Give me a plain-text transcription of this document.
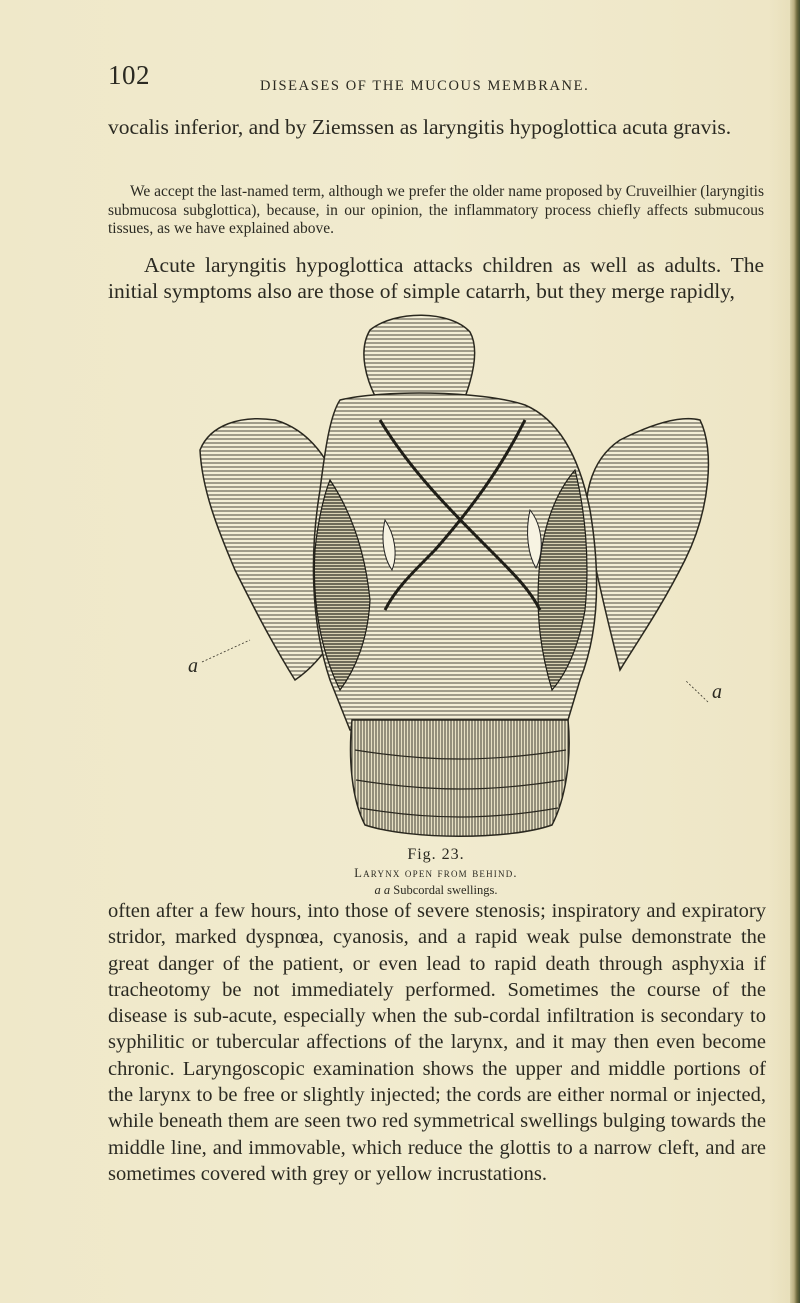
102	DISEASES OF THE MUCOUS MEMBRANE.

vocalis inferior, and by Ziemssen as laryngitis hypoglottica acuta gravis.

We accept the last-named term, although we prefer the older name proposed by Cruveilhier (laryngitis submucosa subglottica), because, in our opinion, the inflammatory process chiefly affects submucous tissues, as we have explained above.

Acute laryngitis hypoglottica attacks children as well as adults. The initial symptoms also are those of simple catarrh, but they merge rapidly,

a
a
Fig. 23.
Larynx open from behind.
a a Subcordal swellings.

often after a few hours, into those of severe stenosis; inspiratory and expiratory stridor, marked dyspnœa, cyanosis, and a rapid weak pulse demonstrate the great danger of the patient, or even lead to rapid death through asphyxia if tracheotomy be not immediately performed. Sometimes the course of the disease is sub-acute, especially when the sub-cordal infiltration is secondary to syphilitic or tubercular affections of the larynx, and it may then even become chronic. Laryngoscopic examination shows the upper and middle portions of the larynx to be free or slightly injected; the cords are either normal or injected, while beneath them are seen two red symmetrical swellings bulging towards the middle line, and immovable, which reduce the glottis to a narrow cleft, and are sometimes covered with grey or yellow incrustations.
